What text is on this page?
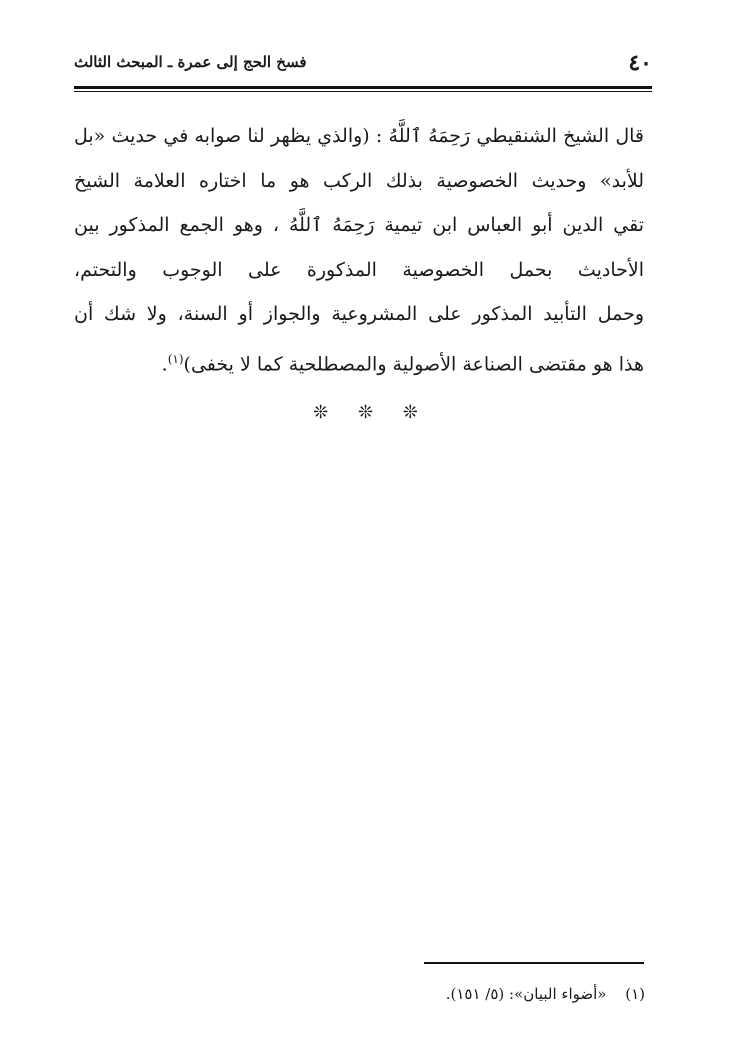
٤٠
فسخ الحج إلى عمرة ـ المبحث الثالث
قال الشيخ الشنقيطي رَحِمَهُ ٱللَّهُ : (والذي يظهر لنا صوابه في حديث «بل
للأبد» وحديث الخصوصية بذلك الركب هو ما اختاره العلامة الشيخ
تقي الدين أبو العباس ابن تيمية رَحِمَهُ ٱللَّهُ ، وهو الجمع المذكور بين
الأحاديث بحمل الخصوصية المذكورة على الوجوب والتحتم،
وحمل التأبيد المذكور على المشروعية والجواز أو السنة، ولا شك أن
هذا هو مقتضى الصناعة الأصولية والمصطلحية كما لا يخفى)$^{(١)}$.
❊ ❊ ❊
(١) «أضواء البيان»: (٥/ ١٥١).
